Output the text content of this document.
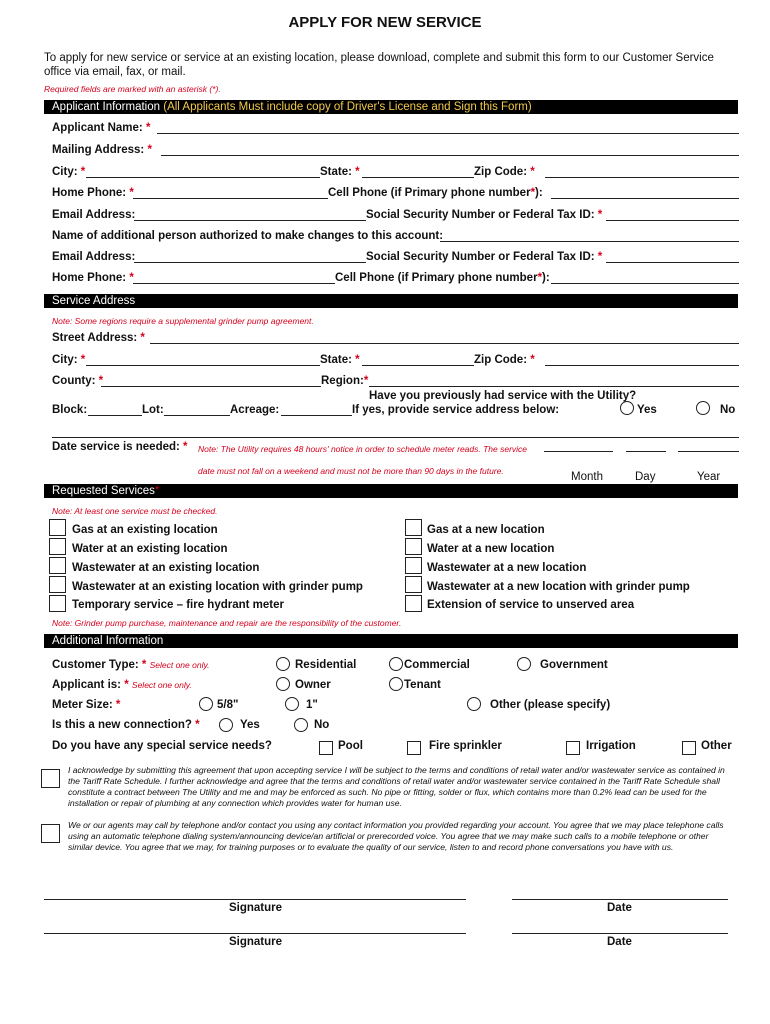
APPLY FOR NEW SERVICE
To apply for new service or service at an existing location, please download, complete and submit this form to our Customer Service office via email, fax, or mail.
Required fields are marked with an asterisk (*).
Applicant Information (All Applicants Must include copy of Driver's License and Sign this Form)
Applicant Name: *
Mailing Address: *
City: *	State: *	Zip Code: *
Home Phone: *	Cell Phone (if Primary phone number*):
Email Address:	Social Security Number or Federal Tax ID: *
Name of additional person authorized to make changes to this account:
Email Address:	Social Security Number or Federal Tax ID: *
Home Phone: *	Cell Phone (if Primary phone number*):
Service Address
Note: Some regions require a supplemental grinder pump agreement.
Street Address: *
City: *	State: *	Zip Code: *
County: *	Region:*
Have you previously had service with the Utility?
Block:	Lot:	Acreage:	If yes, provide service address below:	Yes	No
Date service is needed: * Note: The Utility requires 48 hours' notice in order to schedule meter reads. The service
date must not fall on a weekend and must not be more than 90 days in the future.	Month	Day	Year
Requested Services*
Note: At least one service must be checked.
Gas at an existing location
Water at an existing location
Wastewater at an existing location
Wastewater at an existing location with grinder pump
Temporary service – fire hydrant meter
Gas at a new location
Water at a new location
Wastewater at a new location
Wastewater at a new location with grinder pump
Extension of service to unserved area
Note: Grinder pump purchase, maintenance and repair are the responsibility of the customer.
Additional Information
Customer Type: * Select one only.	Residential	Commercial	Government
Applicant is: * Select one only.	Owner	Tenant
Meter Size: *	5/8"	1"	Other (please specify)
Is this a new connection? *	Yes	No
Do you have any special service needs?	Pool	Fire sprinkler	Irrigation	Other
I acknowledge by submitting this agreement that upon accepting service I will be subject to the terms and conditions of retail water and/or wastewater service as contained in the Tariff Rate Schedule. I further acknowledge and agree that the terms and conditions of retail water and/or wastewater service contained in the Tariff Rate Schedule shall constitute a contract between The Utility and me and may be enforced as such. No pipe or fitting, solder or flux, which contains more than 0.2% lead can be used for the installation or repair of plumbing at any connection which provides water for human use.
We or our agents may call by telephone and/or contact you using any contact information you provided regarding your account. You agree that we may place telephone calls using an automatic telephone dialing system/announcing device/an artificial or prerecorded voice. You agree that we may make such calls to a mobile telephone or other similar device. You agree that we may, for training purposes or to evaluate the quality of our service, listen to and record phone conversations you have with us.
Signature	Date
Signature	Date
